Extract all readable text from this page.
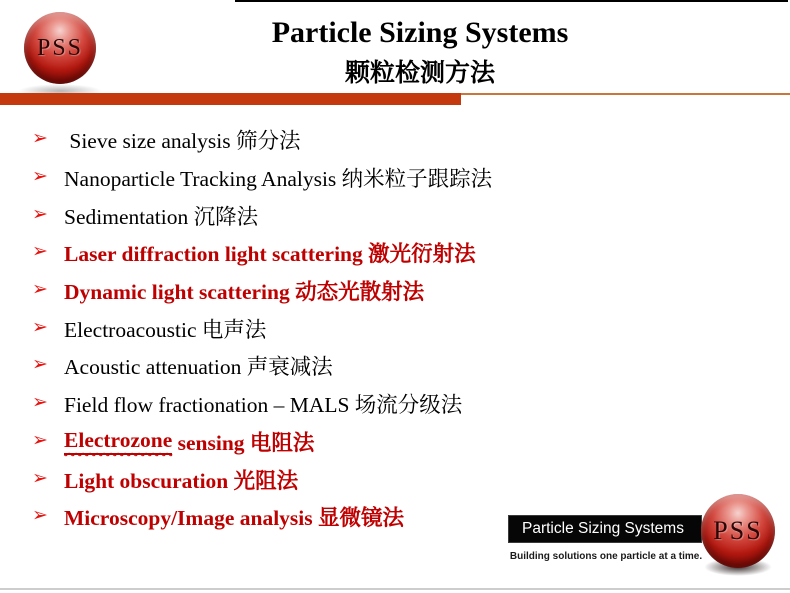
PSS	Particle Sizing Systems
颗粒检测方法
➢ Sieve size analysis 筛分法
➢ Nanoparticle Tracking Analysis 纳米粒子跟踪法
➢ Sedimentation 沉降法
➢ Laser diffraction light scattering 激光衍射法
➢ Dynamic light scattering 动态光散射法
➢ Electroacoustic 电声法
➢ Acoustic attenuation 声衰减法
➢ Field flow fractionation – MALS 场流分级法
➢ Electrozone sensing 电阻法
➢ Light obscuration 光阻法
➢ Microscopy/Image analysis 显微镜法	Particle Sizing Systems
Building solutions one particle at a time.
PSS
